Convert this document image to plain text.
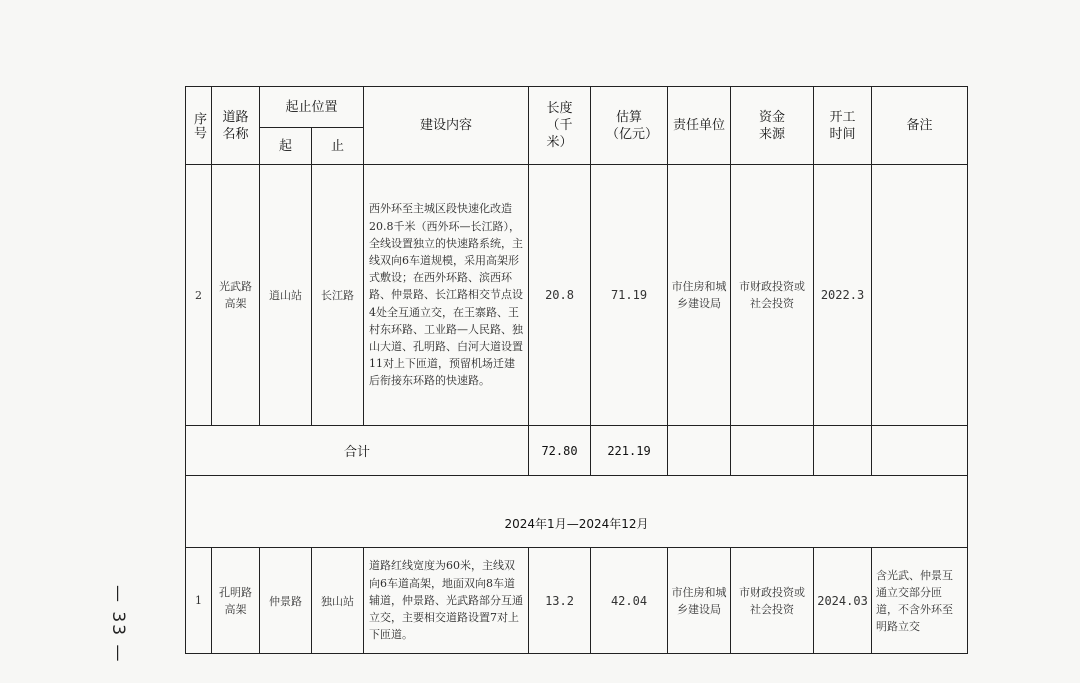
— 33 —
序号	道路名称	起止位置		建设内容	长度（千米）	估算（亿元）	责任单位	资金来源	开工时间	备注
		起	止							
2	光武路高架	逍山站	长江路	西外环至主城区段快速化改造20.8千米（西外环—长江路），全线设置独立的快速路系统，主线双向6车道规模，采用高架形式敷设；在西外环路、滨西环路、仲景路、长江路相交节点设4处全互通立交，在王寨路、王村东环路、工业路—人民路、独山大道、孔明路、白河大道设置11对上下匝道，预留机场迁建后衔接东环路的快速路。	20.8	71.19	市住房和城乡建设局	市财政投资或社会投资	2022.3	
合计					72.80	221.19				

2024年1月—2024年12月										
1	孔明路高架	仲景路	独山站	道路红线宽度为60米，主线双向6车道高架，地面双向8车道辅道，仲景路、光武路部分互通立交，主要相交道路设置7对上下匝道。	13.2	42.04	市住房和城乡建设局	市财政投资或社会投资	2024.03	含光武、仲景互通立交部分匝道，不含外环至明路立交
